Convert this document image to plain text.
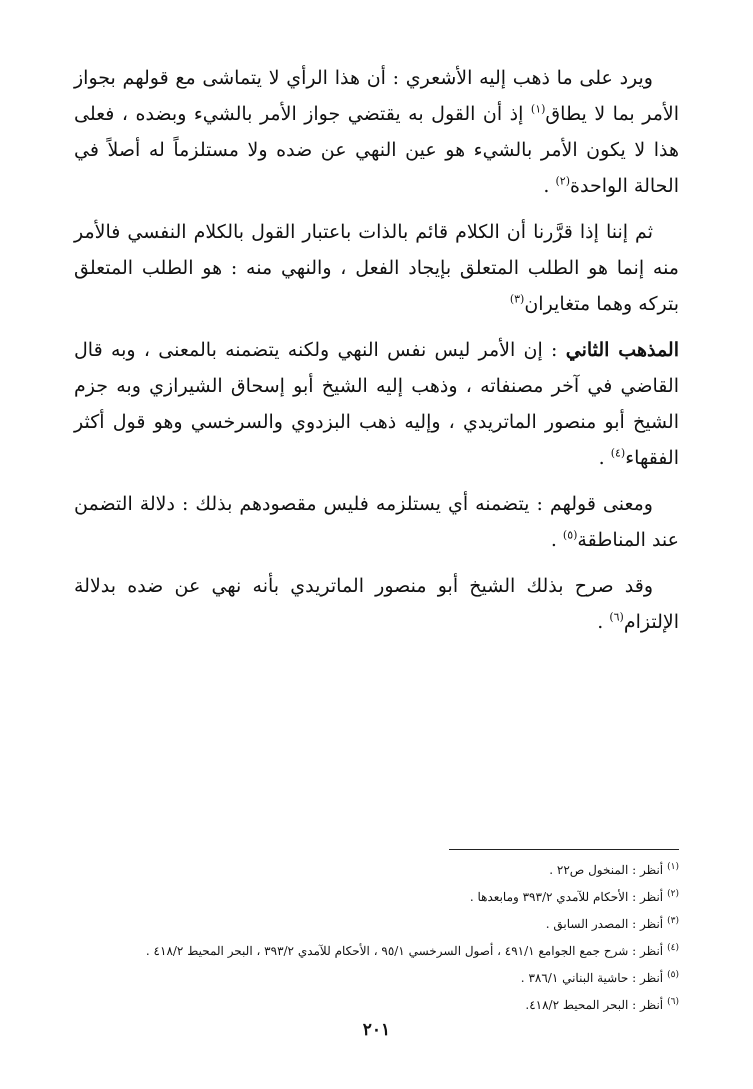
ويرد على ما ذهب إليه الأشعري : أن هذا الرأي لا يتماشى مع قولهم بجواز الأمر بما لا يطاق$^{(١)}$ إذ أن القول به يقتضي جواز الأمر بالشيء وبضده ، فعلى هذا لا يكون الأمر بالشيء هو عين النهي عن ضده ولا مستلزماً له أصلاً في الحالة الواحدة$^{(٢)}$ .

ثم إننا إذا قرَّرنا أن الكلام قائم بالذات باعتبار القول بالكلام النفسي فالأمر منه إنما هو الطلب المتعلق بإيجاد الفعل ، والنهي منه : هو الطلب المتعلق بتركه وهما متغايران$^{(٣)}$

المذهب الثاني : إن الأمر ليس نفس النهي ولكنه يتضمنه بالمعنى ، وبه قال القاضي في آخر مصنفاته ، وذهب إليه الشيخ أبو إسحاق الشيرازي وبه جزم الشيخ أبو منصور الماتريدي ، وإليه ذهب البزدوي والسرخسي وهو قول أكثر الفقهاء$^{(٤)}$ .

ومعنى قولهم : يتضمنه أي يستلزمه فليس مقصودهم بذلك : دلالة التضمن عند المناطقة$^{(٥)}$ .

وقد صرح بذلك الشيخ أبو منصور الماتريدي بأنه نهي عن ضده بدلالة الإلتزام$^{(٦)}$ .

$^{(١)}$أنظر : المنخول ص٢٢ .

$^{(٢)}$أنظر : الأحكام للآمدي ٣٩٣/٢ ومابعدها .

$^{(٣)}$أنظر : المصدر السابق .

$^{(٤)}$أنظر : شرح جمع الجوامع ٤٩١/١ ، أصول السرخسي ٩٥/١ ، الأحكام للآمدي ٣٩٣/٢ ، البحر المحيط ٤١٨/٢ .

$^{(٥)}$أنظر : حاشية البناني ٣٨٦/١ .

$^{(٦)}$أنظر : البحر المحيط ٤١٨/٢.

٢٠١
